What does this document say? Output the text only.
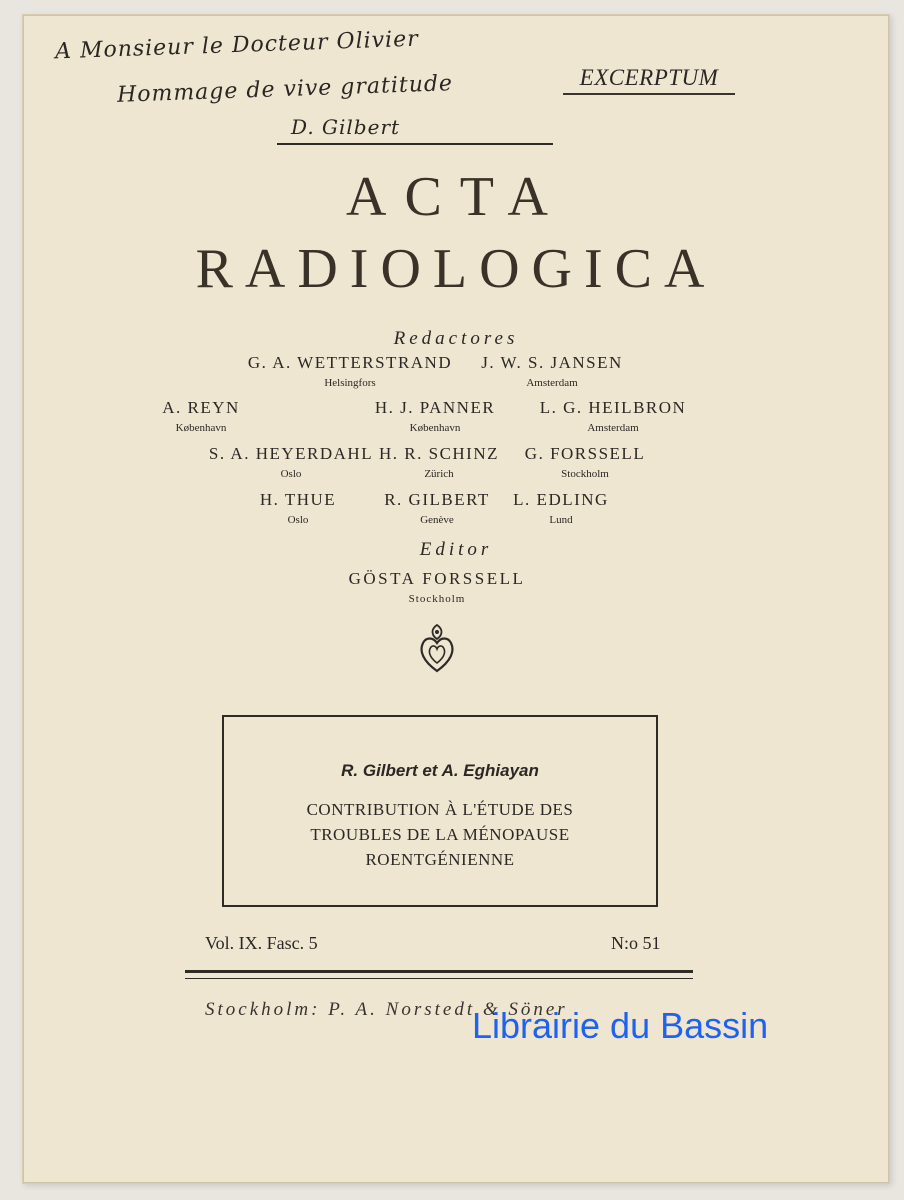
A Monsieur le Docteur Olivier
Hommage de vive gratitude
D. Gilbert
EXCERPTUM
ACTA
RADIOLOGICA
Redactores
G. A. WETTERSTRAND
Helsingfors
J. W. S. JANSEN
Amsterdam
A. REYN
København
H. J. PANNER
København
L. G. HEILBRON
Amsterdam
S. A. HEYERDAHL
Oslo
H. R. SCHINZ
Zürich
G. FORSSELL
Stockholm
H. THUE
Oslo
R. GILBERT
Genève
L. EDLING
Lund
Editor
GÖSTA FORSSELL
Stockholm
R. Gilbert et A. Eghiayan
CONTRIBUTION À L'ÉTUDE DES
TROUBLES DE LA MÉNOPAUSE
ROENTGÉNIENNE
Vol. IX. Fasc. 5	N:o 51
Stockholm: P. A. Norstedt & Söner
Librairie du Bassin
